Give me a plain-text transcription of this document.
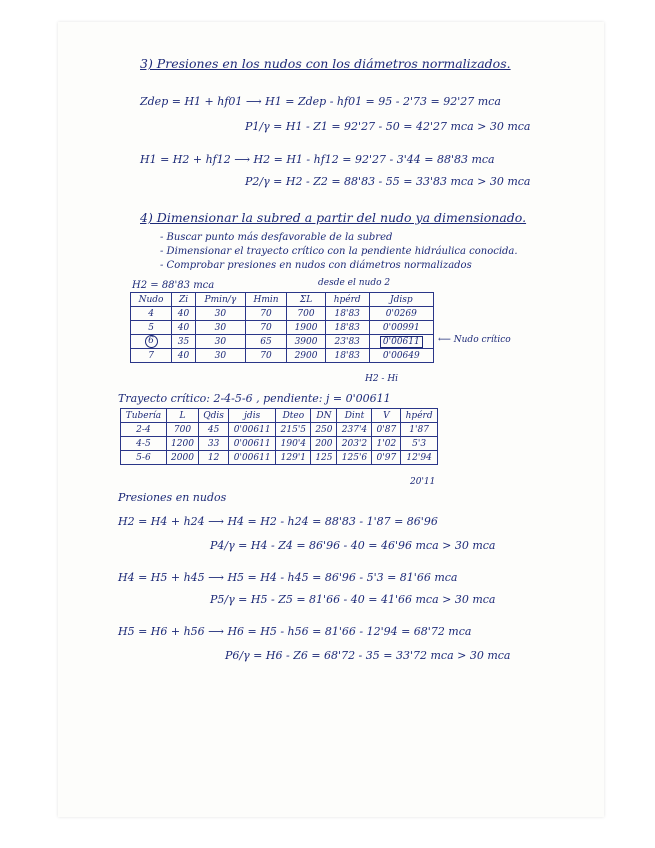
3) Presiones en los nudos con los diámetros normalizados.
Zdep = H1 + hf01 ⟶ H1 = Zdep - hf01 = 95 - 2'73 = 92'27 mca
P1/γ = H1 - Z1 = 92'27 - 50 = 42'27 mca > 30 mca
H1 = H2 + hf12 ⟶ H2 = H1 - hf12 = 92'27 - 3'44 = 88'83 mca
P2/γ = H2 - Z2 = 88'83 - 55 = 33'83 mca > 30 mca
4) Dimensionar la subred a partir del nudo ya dimensionado.
- Buscar punto más desfavorable de la subred
- Dimensionar el trayecto crítico con la pendiente hidráulica conocida.
- Comprobar presiones en nudos con diámetros normalizados
H2 = 88'83 mca	desde el nudo 2
Nudo	Zi	Pmin/γ	Hmin	ΣL	hpérd	Jdisp
4	40	30	70	700	18'83	0'0269
5	40	30	70	1900	18'83	0'00991
6	35	30	65	3900	23'83	0'00611
7	40	30	70	2900	18'83	0'00649
⟵ Nudo crítico
H2 - Hi
Trayecto crítico: 2-4-5-6 , pendiente: j = 0'00611
Tubería	L	Qdis	jdis	Dteo	DN	Dint	V	hpérd
2-4	700	45	0'00611	215'5	250	237'4	0'87	1'87
4-5	1200	33	0'00611	190'4	200	203'2	1'02	5'3
5-6	2000	12	0'00611	129'1	125	125'6	0'97	12'94
20'11
Presiones en nudos
H2 = H4 + h24 ⟶ H4 = H2 - h24 = 88'83 - 1'87 = 86'96
P4/γ = H4 - Z4 = 86'96 - 40 = 46'96 mca > 30 mca
H4 = H5 + h45 ⟶ H5 = H4 - h45 = 86'96 - 5'3 = 81'66 mca
P5/γ = H5 - Z5 = 81'66 - 40 = 41'66 mca > 30 mca
H5 = H6 + h56 ⟶ H6 = H5 - h56 = 81'66 - 12'94 = 68'72 mca
P6/γ = H6 - Z6 = 68'72 - 35 = 33'72 mca > 30 mca
